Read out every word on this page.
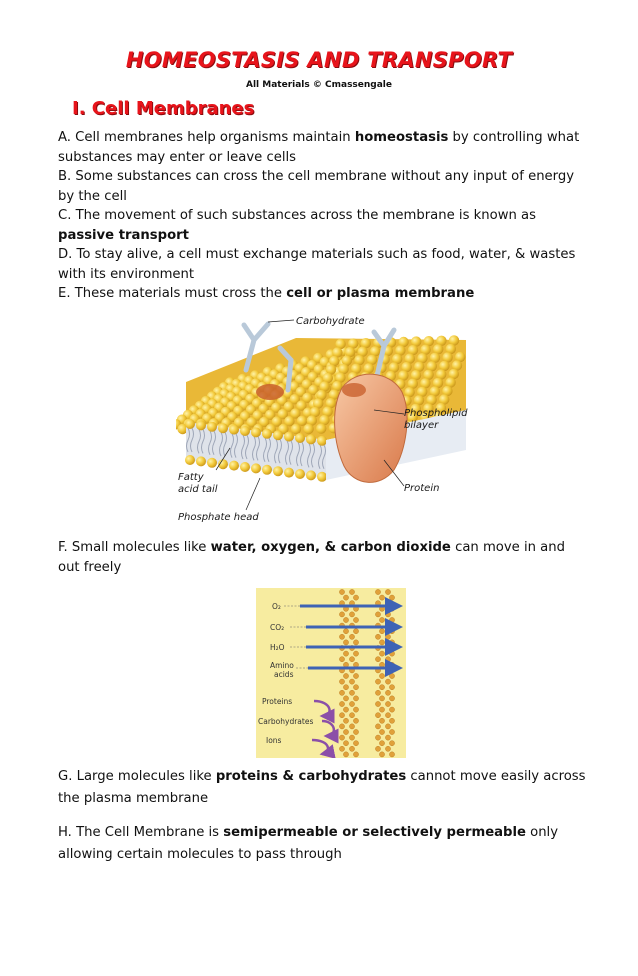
HOMEOSTASIS AND TRANSPORT
All Materials © Cmassengale
I. Cell Membranes
A. Cell membranes help organisms maintain homeostasis by controlling what substances may enter or leave cells
B. Some substances can cross the cell membrane without any input of energy by the cell
C. The movement of such substances across the membrane is known as passive transport
D. To stay alive, a cell must exchange materials such as food, water, & wastes with its environment
E. These materials must cross the cell or plasma membrane
Carbohydrate
Phospholipid
bilayer
Fatty
acid tail	Protein
Phosphate head
F. Small molecules like water, oxygen, & carbon dioxide can move in and out freely
O₂
CO₂
H₂O
Amino
acids
Proteins
Carbohydrates
Ions
G. Large molecules like proteins & carbohydrates cannot move easily across the plasma membrane
H. The Cell Membrane is semipermeable or selectively permeable only allowing certain molecules to pass through
